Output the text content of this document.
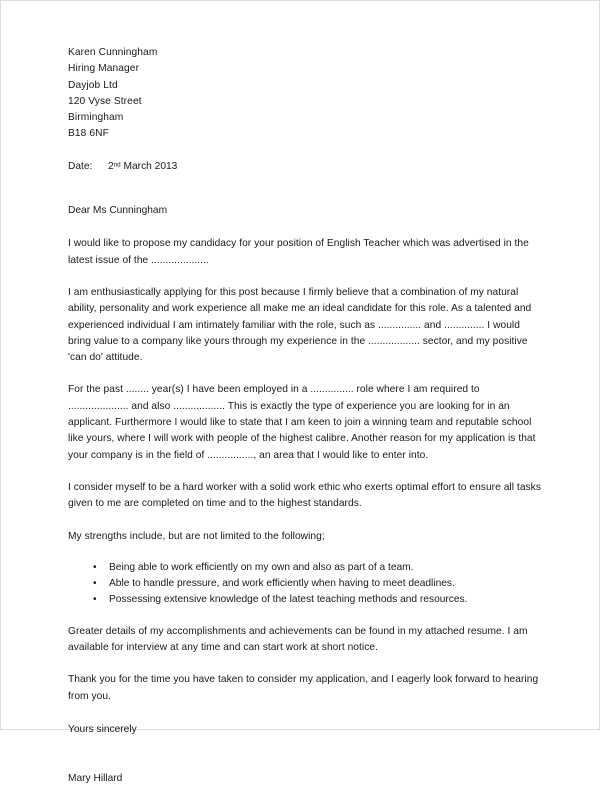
Karen Cunningham
Hiring Manager
Dayjob Ltd
120 Vyse Street
Birmingham
B18 6NF
Date: 2nd March 2013
Dear Ms Cunningham

I would like to propose my candidacy for your position of English Teacher which was advertised in the latest issue of the ....................

I am enthusiastically applying for this post because I firmly believe that a combination of my natural ability, personality and work experience all make me an ideal candidate for this role. As a talented and experienced individual I am intimately familiar with the role, such as ............... and .............. I would bring value to a company like yours through my experience in the .................. sector, and my positive 'can do' attitude.

For the past ........ year(s) I have been employed in a ............... role where I am required to ..................... and also .................. This is exactly the type of experience you are looking for in an applicant. Furthermore I would like to state that I am keen to join a winning team and reputable school like yours, where I will work with people of the highest calibre. Another reason for my application is that your company is in the field of ................, an area that I would like to enter into.

I consider myself to be a hard worker with a solid work ethic who exerts optimal effort to ensure all tasks given to me are completed on time and to the highest standards.

My strengths include, but are not limited to the following;

• Being able to work efficiently on my own and also as part of a team.
• Able to handle pressure, and work efficiently when having to meet deadlines.
• Possessing extensive knowledge of the latest teaching methods and resources.

Greater details of my accomplishments and achievements can be found in my attached resume. I am available for interview at any time and can start work at short notice.

Thank you for the time you have taken to consider my application, and I eagerly look forward to hearing from you.

Yours sincerely
Mary Hillard
